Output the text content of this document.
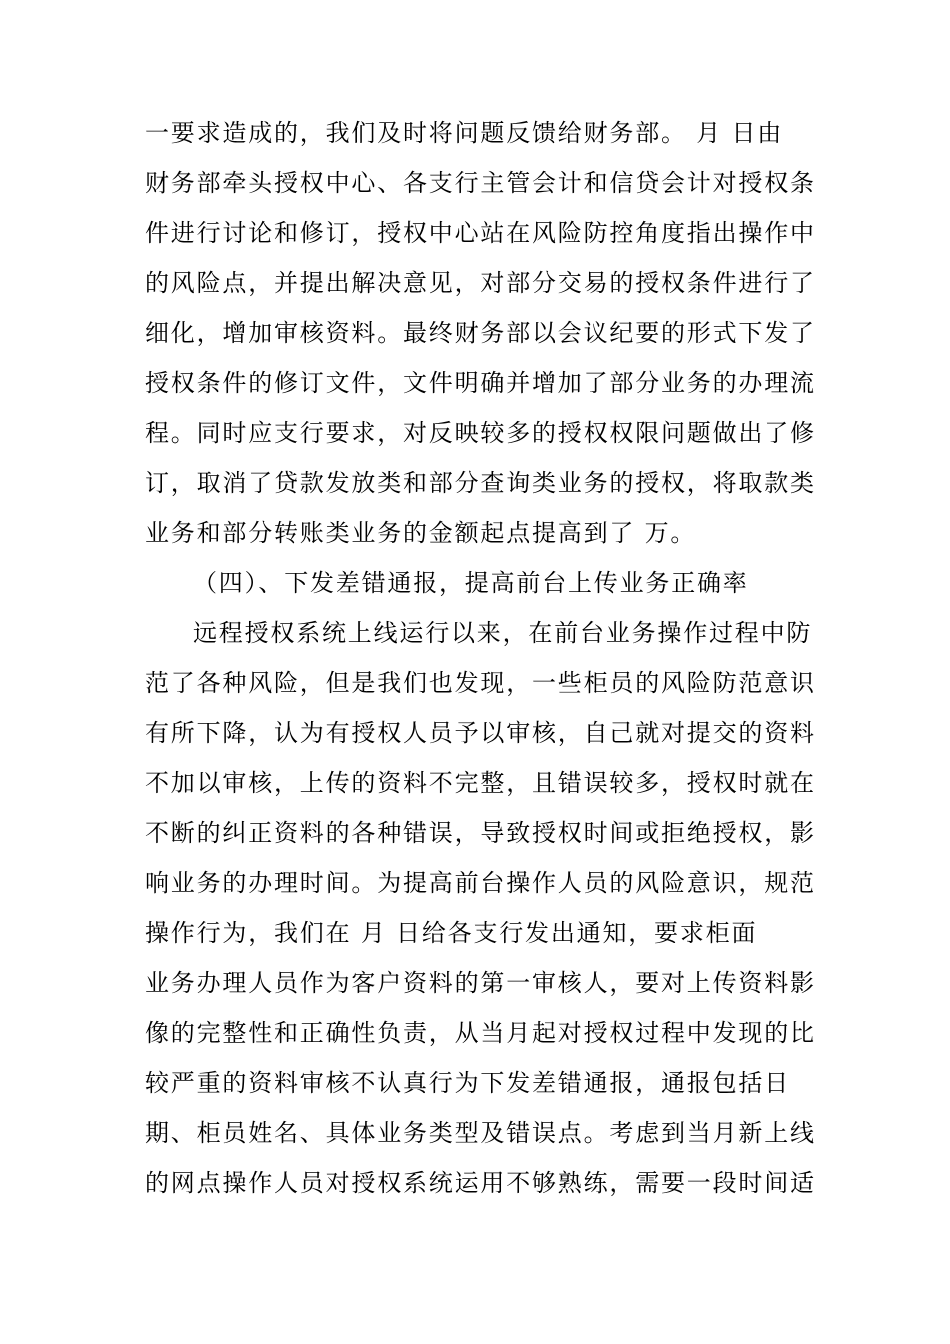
一要求造成的，我们及时将问题反馈给财务部。 月 日由
财务部牵头授权中心、各支行主管会计和信贷会计对授权条
件进行讨论和修订，授权中心站在风险防控角度指出操作中
的风险点，并提出解决意见，对部分交易的授权条件进行了
细化，增加审核资料。最终财务部以会议纪要的形式下发了
授权条件的修订文件，文件明确并增加了部分业务的办理流
程。同时应支行要求，对反映较多的授权权限问题做出了修
订，取消了贷款发放类和部分查询类业务的授权，将取款类
业务和部分转账类业务的金额起点提高到了 万。
（四）、下发差错通报，提高前台上传业务正确率
远程授权系统上线运行以来，在前台业务操作过程中防
范了各种风险，但是我们也发现，一些柜员的风险防范意识
有所下降，认为有授权人员予以审核，自己就对提交的资料
不加以审核，上传的资料不完整，且错误较多，授权时就在
不断的纠正资料的各种错误，导致授权时间或拒绝授权，影
响业务的办理时间。为提高前台操作人员的风险意识，规范
操作行为，我们在 月 日给各支行发出通知，要求柜面
业务办理人员作为客户资料的第一审核人，要对上传资料影
像的完整性和正确性负责，从当月起对授权过程中发现的比
较严重的资料审核不认真行为下发差错通报，通报包括日
期、柜员姓名、具体业务类型及错误点。考虑到当月新上线
的网点操作人员对授权系统运用不够熟练，需要一段时间适
